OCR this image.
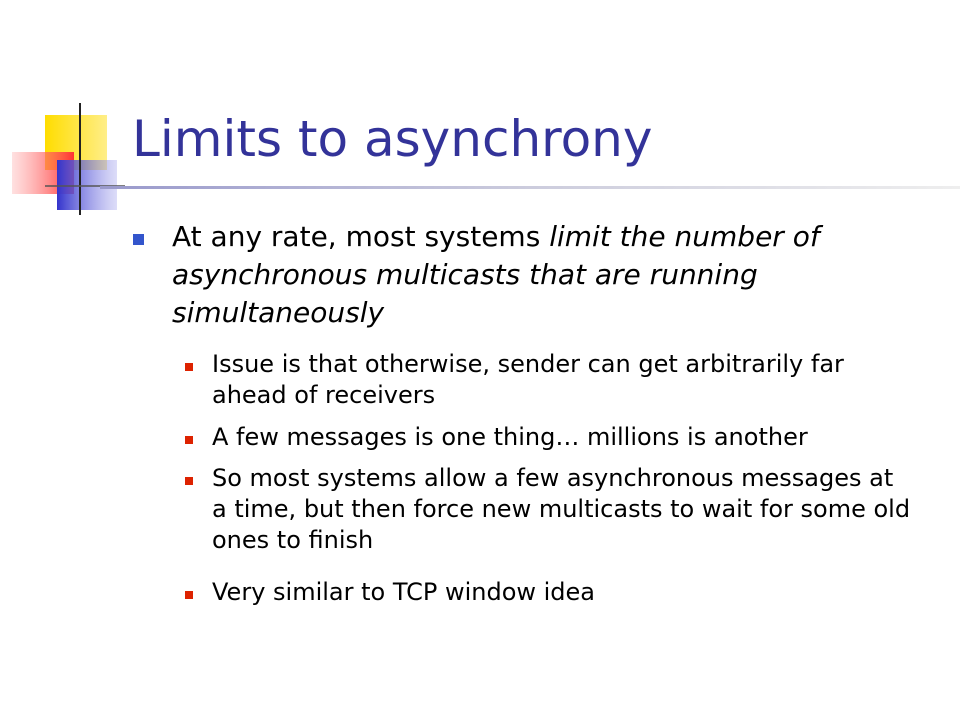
Limits to asynchrony
At any rate, most systems limit the number of asynchronous multicasts that are running simultaneously
Issue is that otherwise, sender can get arbitrarily far ahead of receivers
A few messages is one thing… millions is another
So most systems allow a few asynchronous messages at a time, but then force new multicasts to wait for some old ones to finish
Very similar to TCP window idea
